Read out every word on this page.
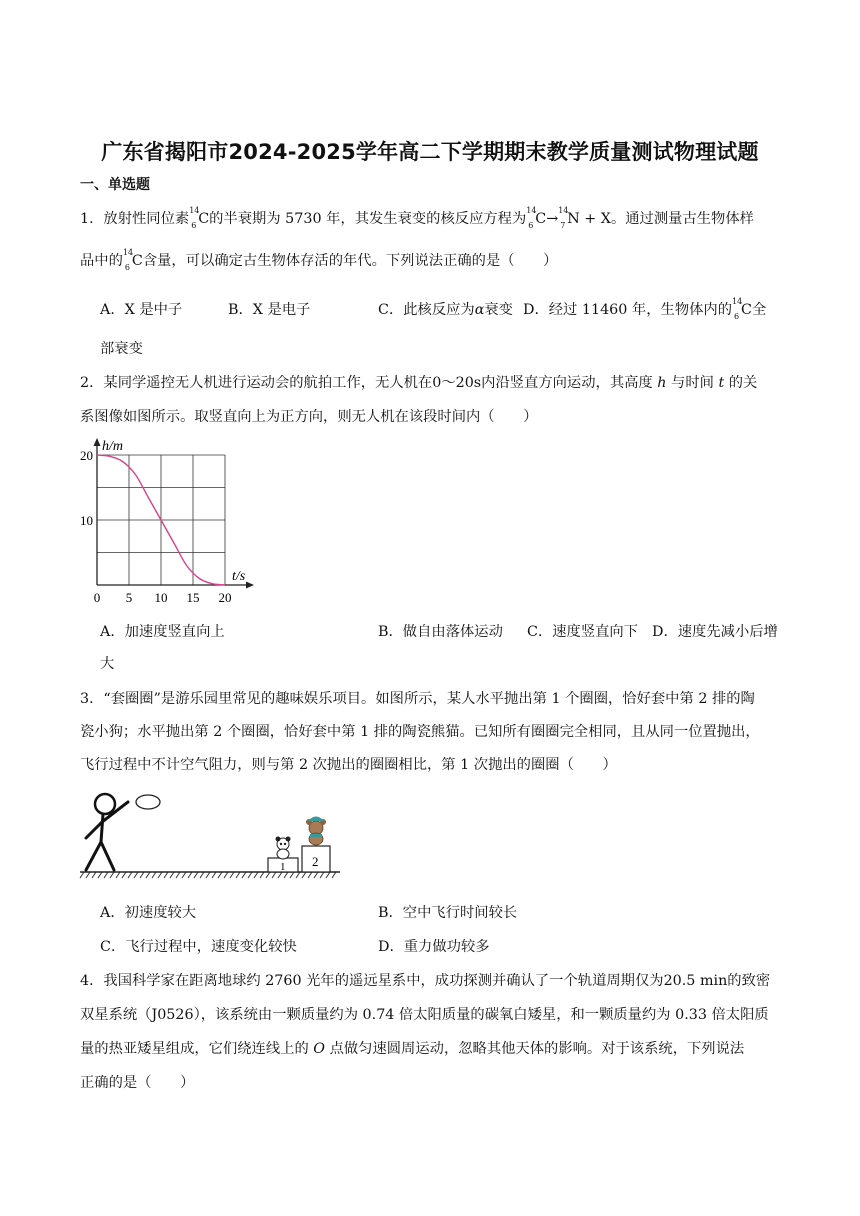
广东省揭阳市2024-2025学年高二下学期期末教学质量测试物理试题
一、单选题
1．放射性同位素
14
6 C的半衰期为 5730 年，其发生衰变的核反应方程为
14
6 C→
14
7 N + X。通过测量古生物体样
品中的
14
6 C含量，可以确定古生物体存活的年代。下列说法正确的是（　　）
A．X 是中子	B．X 是电子	C．此核反应为α衰变 D．经过 11460 年，生物体内的
14
6 C全
部衰变
2．某同学遥控无人机进行运动会的航拍工作，无人机在0～20s内沿竖直方向运动，其高度 h 与时间 t 的关
系图像如图所示。取竖直向上为正方向，则无人机在该段时间内（　　）
0 5 10 15 20
10
20
h/m
t/s
A．加速度竖直向上	B．做自由落体运动 C．速度竖直向下 D．速度先减小后增
大
3．“套圈圈”是游乐园里常见的趣味娱乐项目。如图所示，某人水平抛出第 1 个圈圈，恰好套中第 2 排的陶
瓷小狗；水平抛出第 2 个圈圈，恰好套中第 1 排的陶瓷熊猫。已知所有圈圈完全相同，且从同一位置抛出，
飞行过程中不计空气阻力，则与第 2 次抛出的圈圈相比，第 1 次抛出的圈圈（　　）
1 2
A．初速度较大	B．空中飞行时间较长
C．飞行过程中，速度变化较快	D．重力做功较多
4．我国科学家在距离地球约 2760 光年的遥远星系中，成功探测并确认了一个轨道周期仅为20.5 min的致密
双星系统（J0526），该系统由一颗质量约为 0.74 倍太阳质量的碳氧白矮星，和一颗质量约为 0.33 倍太阳质
量的热亚矮星组成，它们绕连线上的 O 点做匀速圆周运动，忽略其他天体的影响。对于该系统，下列说法
正确的是（　　）
